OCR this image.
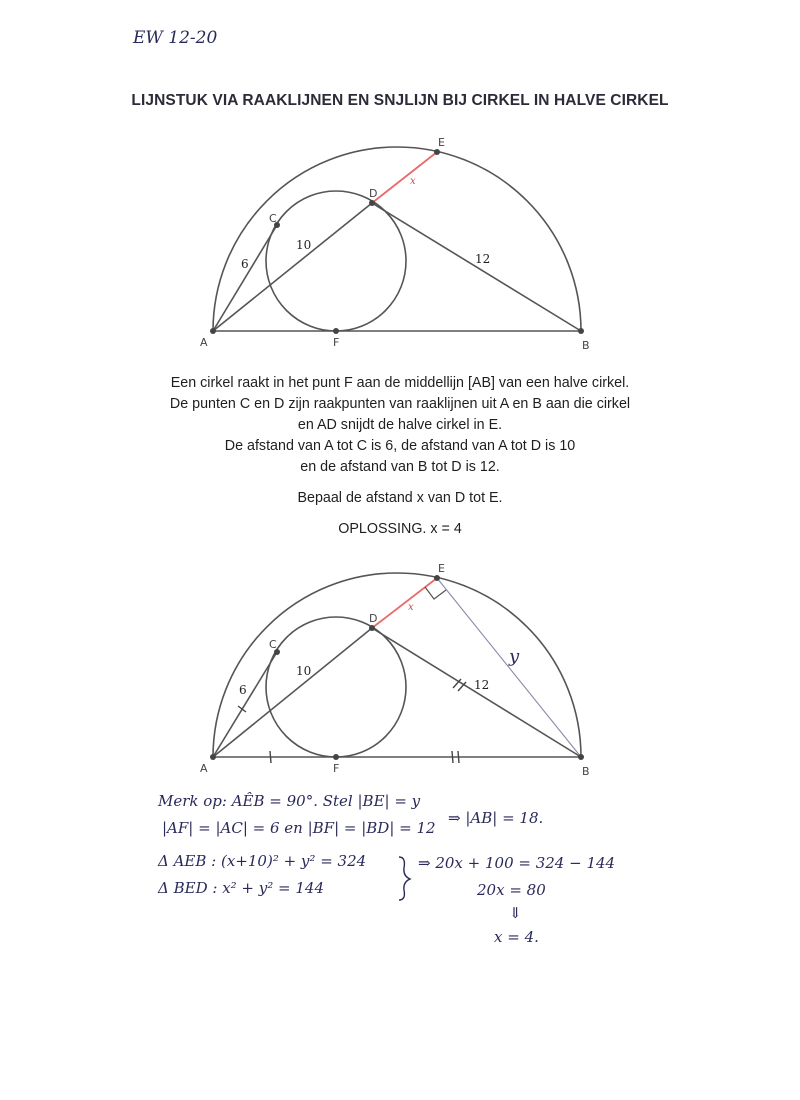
EW 12-20
LIJNSTUK VIA RAAKLIJNEN EN SNJLIJN BIJ CIRKEL IN HALVE CIRKEL
A	B
C
D
E
F
6
10
12
x
A	B
C
D
E
F
6
10
12
x
y
Merk op: AÊB = 90°. Stel |BE| = y
|AF| = |AC| = 6 en |BF| = |BD| = 12
⇒ |AB| = 18.
Δ AEB : (x+10)² + y² = 324
Δ BED : x² + y² = 144
⇒ 20x + 100 = 324 − 144
20x = 80
⇓
x = 4.

Een cirkel raakt in het punt F aan de middellijn [AB] van een halve cirkel.

De punten C en D zijn raakpunten van raaklijnen uit A en B aan die cirkel

en AD snijdt de halve cirkel in E.

De afstand van A tot C is 6, de afstand van A tot D is 10

en de afstand van B tot D is 12.

Bepaal de afstand x van D tot E.

OPLOSSING. x = 4
